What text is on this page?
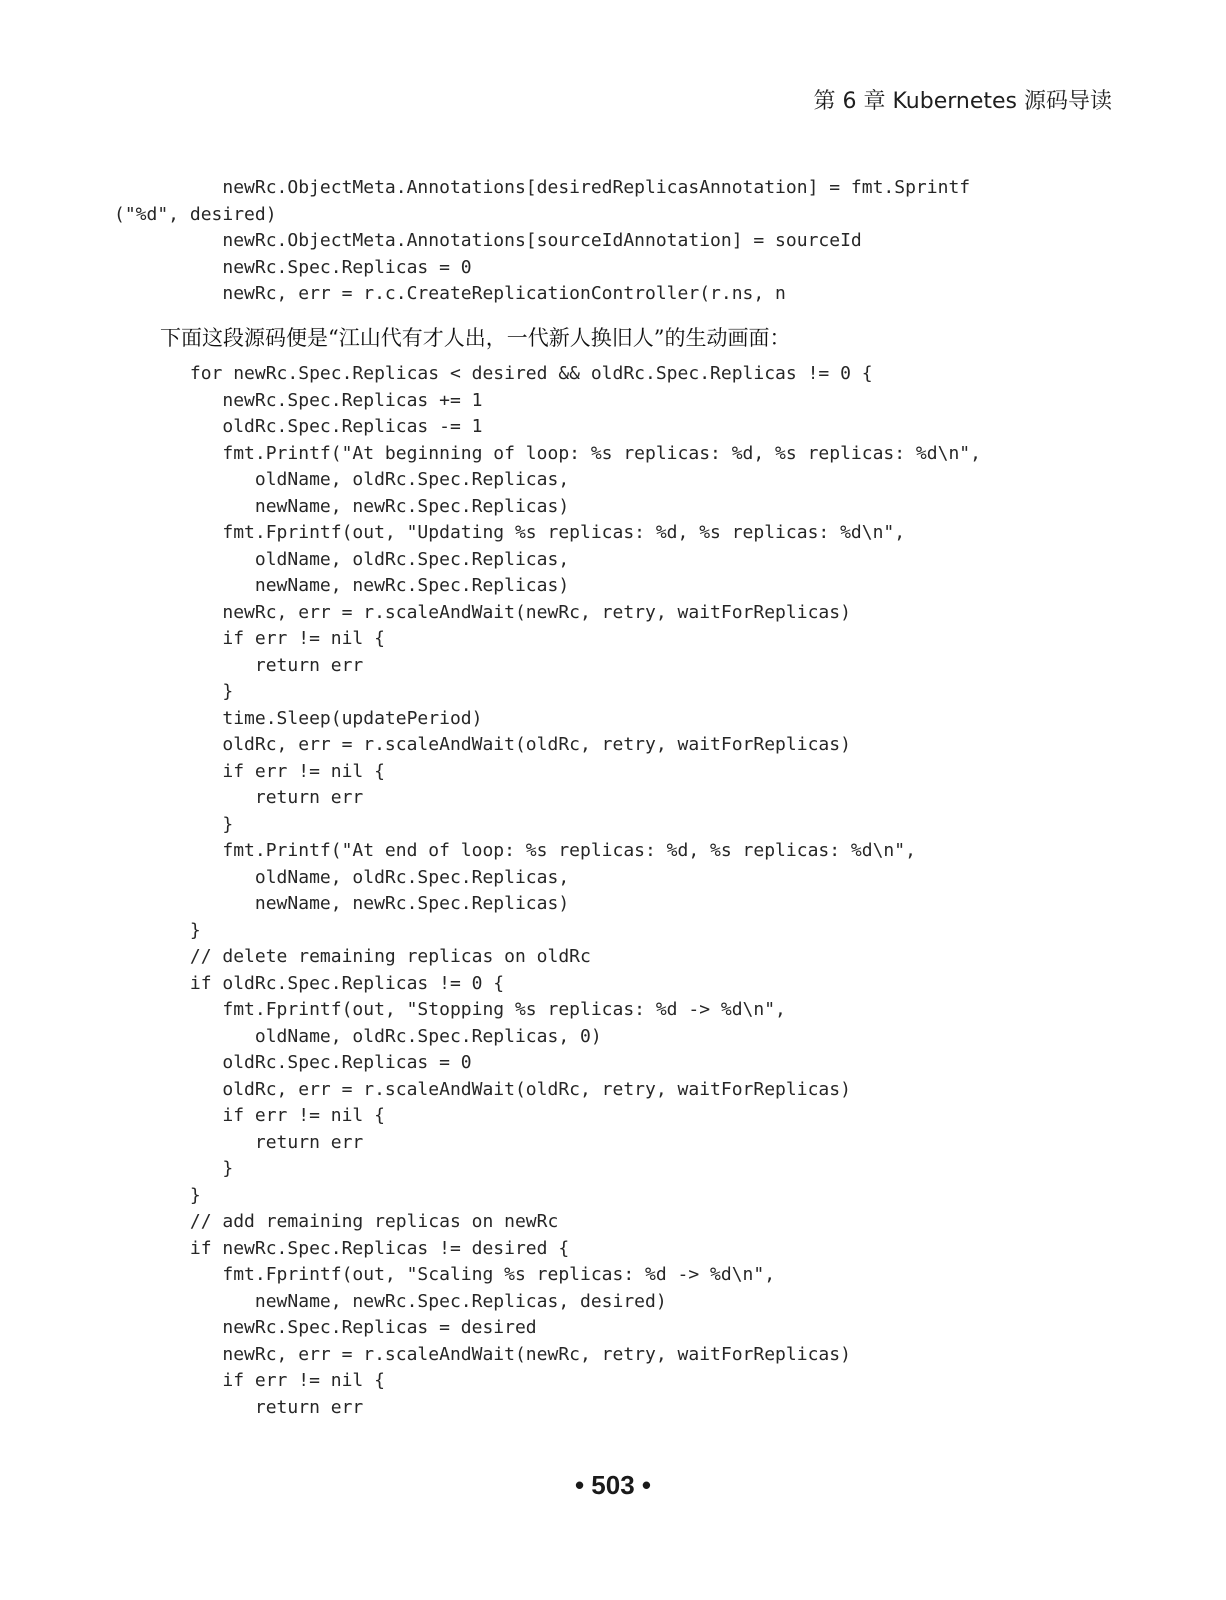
第 6 章 Kubernetes 源码导读
newRc.ObjectMeta.Annotations[desiredReplicasAnnotation] = fmt.Sprintf
("%d", desired)
newRc.ObjectMeta.Annotations[sourceIdAnnotation] = sourceId
newRc.Spec.Replicas = 0
newRc, err = r.c.CreateReplicationController(r.ns, n
下面这段源码便是“江山代有才人出，一代新人换旧人”的生动画面：
for newRc.Spec.Replicas < desired && oldRc.Spec.Replicas != 0 {
newRc.Spec.Replicas += 1
oldRc.Spec.Replicas -= 1
fmt.Printf("At beginning of loop: %s replicas: %d, %s replicas: %d\n",
oldName, oldRc.Spec.Replicas,
newName, newRc.Spec.Replicas)
fmt.Fprintf(out, "Updating %s replicas: %d, %s replicas: %d\n",
oldName, oldRc.Spec.Replicas,
newName, newRc.Spec.Replicas)
newRc, err = r.scaleAndWait(newRc, retry, waitForReplicas)
if err != nil {
return err
}
time.Sleep(updatePeriod)
oldRc, err = r.scaleAndWait(oldRc, retry, waitForReplicas)
if err != nil {
return err
}
fmt.Printf("At end of loop: %s replicas: %d, %s replicas: %d\n",
oldName, oldRc.Spec.Replicas,
newName, newRc.Spec.Replicas)
}
// delete remaining replicas on oldRc
if oldRc.Spec.Replicas != 0 {
fmt.Fprintf(out, "Stopping %s replicas: %d -> %d\n",
oldName, oldRc.Spec.Replicas, 0)
oldRc.Spec.Replicas = 0
oldRc, err = r.scaleAndWait(oldRc, retry, waitForReplicas)
if err != nil {
return err
}
}
// add remaining replicas on newRc
if newRc.Spec.Replicas != desired {
fmt.Fprintf(out, "Scaling %s replicas: %d -> %d\n",
newName, newRc.Spec.Replicas, desired)
newRc.Spec.Replicas = desired
newRc, err = r.scaleAndWait(newRc, retry, waitForReplicas)
if err != nil {
return err
• 503 •
